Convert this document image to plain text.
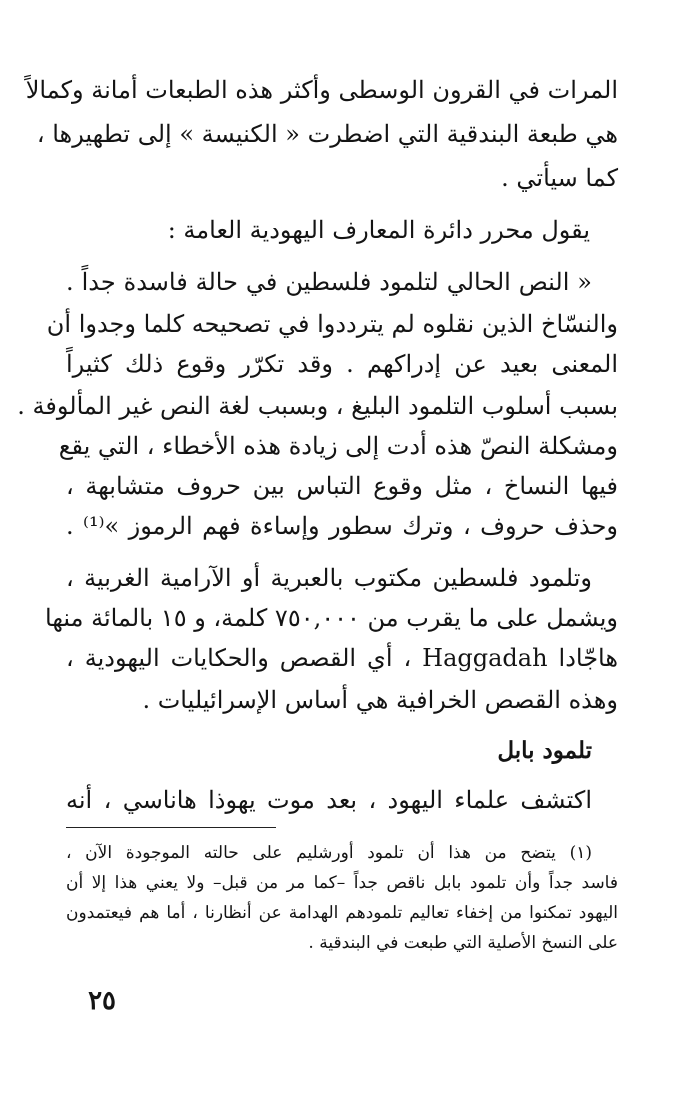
المرات في القرون الوسطى وأكثر هذه الطبعات أمانة وكمالاً
هي طبعة البندقية التي اضطرت « الكنيسة » إلى تطهيرها ،
كما سيأتي .
يقول محرر دائرة المعارف اليهودية العامة :
« النص الحالي لتلمود فلسطين في حالة فاسدة جداً .
والنسّاخ الذين نقلوه لم يترددوا في تصحيحه كلما وجدوا أن
المعنى بعيد عن إدراكهم . وقد تكرّر وقوع ذلك كثيراً
بسبب أسلوب التلمود البليغ ، وبسبب لغة النص غير المألوفة .
ومشكلة النصّ هذه أدت إلى زيادة هذه الأخطاء ، التي يقع
فيها النساخ ، مثل وقوع التباس بين حروف متشابهة ،
وحذف حروف ، وترك سطور وإساءة فهم الرموز »⁽¹⁾ .
وتلمود فلسطين مكتوب بالعبرية أو الآرامية الغربية ،
ويشمل على ما يقرب من ٧٥٠,٠٠٠ كلمة، و ١٥ بالمائة منها
هاجّادا Haggadah ، أي القصص والحكايات اليهودية ،
وهذه القصص الخرافية هي أساس الإسرائيليات .
تلمود بابل
اكتشف علماء اليهود ، بعد موت يهوذا هاناسي ، أنه
(١) يتضح من هذا أن تلمود أورشليم على حالته الموجودة الآن ،
فاسد جداً وأن تلمود بابل ناقص جداً –كما مر من قبل– ولا يعني هذا إلا أن
اليهود تمكنوا من إخفاء تعاليم تلمودهم الهدامة عن أنظارنا ، أما هم فيعتمدون
على النسخ الأصلية التي طبعت في البندقية .
٢٥
